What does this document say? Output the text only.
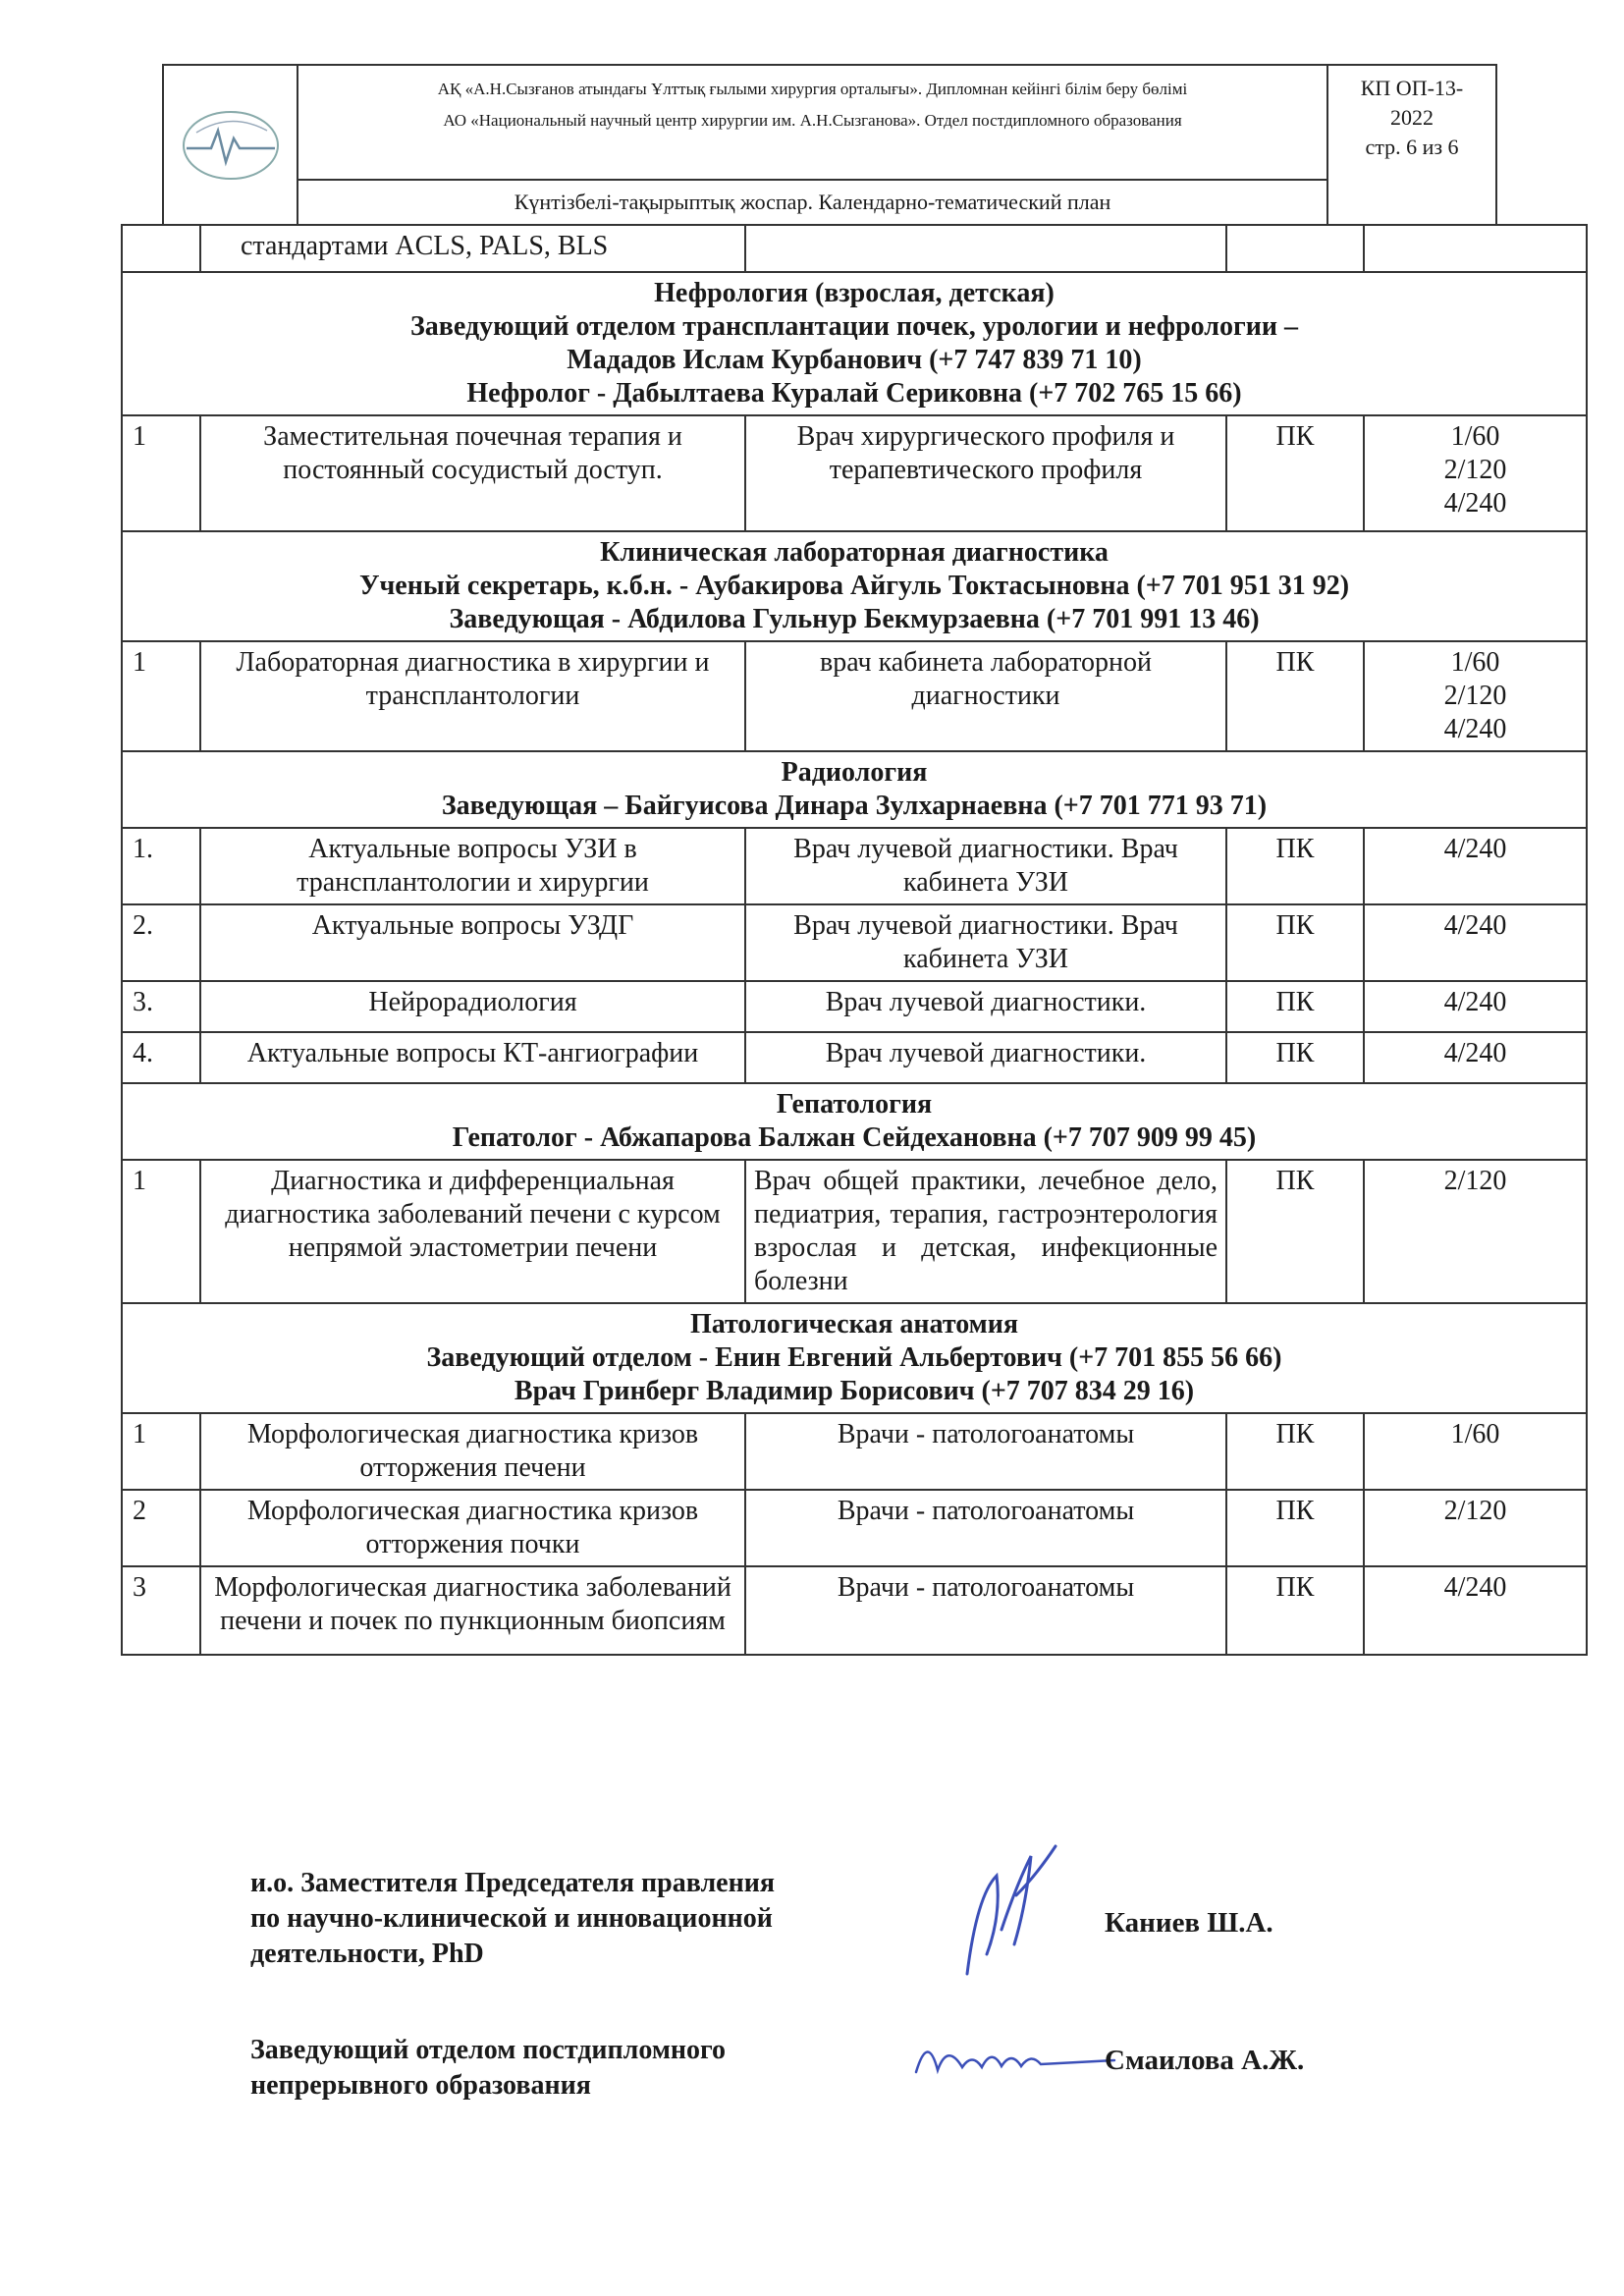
АҚ «А.Н.Сызғанов атындағы Ұлттық ғылыми хирургия орталығы». Дипломнан кейінгі білім беру бөлімі
АО «Национальный научный центр хирургии им. А.Н.Сызганова». Отдел постдипломного образования
Күнтізбелі-тақырыптық жоспар. Календарно-тематический план
КП ОП-13-
2022
стр. 6 из 6
	стандартами ACLS, PALS, BLS			

Нефрология (взрослая, детская)
Заведующий отделом трансплантации почек, урологии и нефрологии –
Мададов Ислам Курбанович (+7 747 839 71 10)
Нефролог - Дабылтаева Куралай Сериковна (+7 702 765 15 66)				

1	Заместительная почечная терапия и постоянный сосудистый доступ.	Врач хирургического профиля и терапевтического профиля	ПК	1/60
2/120
4/240

Клиническая лабораторная диагностика
Ученый секретарь, к.б.н. - Аубакирова Айгуль Токтасыновна (+7 701 951 31 92)
Заведующая - Абдилова Гульнур Бекмурзаевна (+7 701 991 13 46)				

1	Лабораторная диагностика в хирургии и трансплантологии	врач кабинета лабораторной диагностики	ПК	1/60
2/120
4/240

Радиология
Заведующая – Байгуисова Динара Зулхарнаевна (+7 701 771 93 71)				

1.	Актуальные вопросы УЗИ в трансплантологии и хирургии	Врач лучевой диагностики. Врач кабинета УЗИ	ПК	4/240

2.	Актуальные вопросы УЗДГ	Врач лучевой диагностики. Врач кабинета УЗИ	ПК	4/240

3.	Нейрорадиология	Врач лучевой диагностики.	ПК	4/240

4.	Актуальные вопросы КТ-ангиографии	Врач лучевой диагностики.	ПК	4/240

Гепатология
Гепатолог - Абжапарова Балжан Сейдехановна (+7 707 909 99 45)				

1	Диагностика и дифференциальная диагностика заболеваний печени с курсом непрямой эластометрии печени	Врач общей практики, лечебное дело, педиатрия, терапия, гастроэнтерология взрослая и детская, инфекционные болезни	ПК	2/120

Патологическая анатомия
Заведующий отделом - Енин Евгений Альбертович (+7 701 855 56 66)
Врач Гринберг Владимир Борисович (+7 707 834 29 16)				

1	Морфологическая диагностика кризов отторжения печени	Врачи - патологоанатомы	ПК	1/60

2	Морфологическая диагностика кризов отторжения почки	Врачи - патологоанатомы	ПК	2/120

3	Морфологическая диагностика заболеваний печени и почек по пункционным биопсиям	Врачи - патологоанатомы	ПК	4/240
и.о. Заместителя Председателя правления
по научно-клинической и инновационной
деятельности, PhD
Каниев Ш.А.
Заведующий отделом постдипломного
непрерывного образования
Смаилова А.Ж.
